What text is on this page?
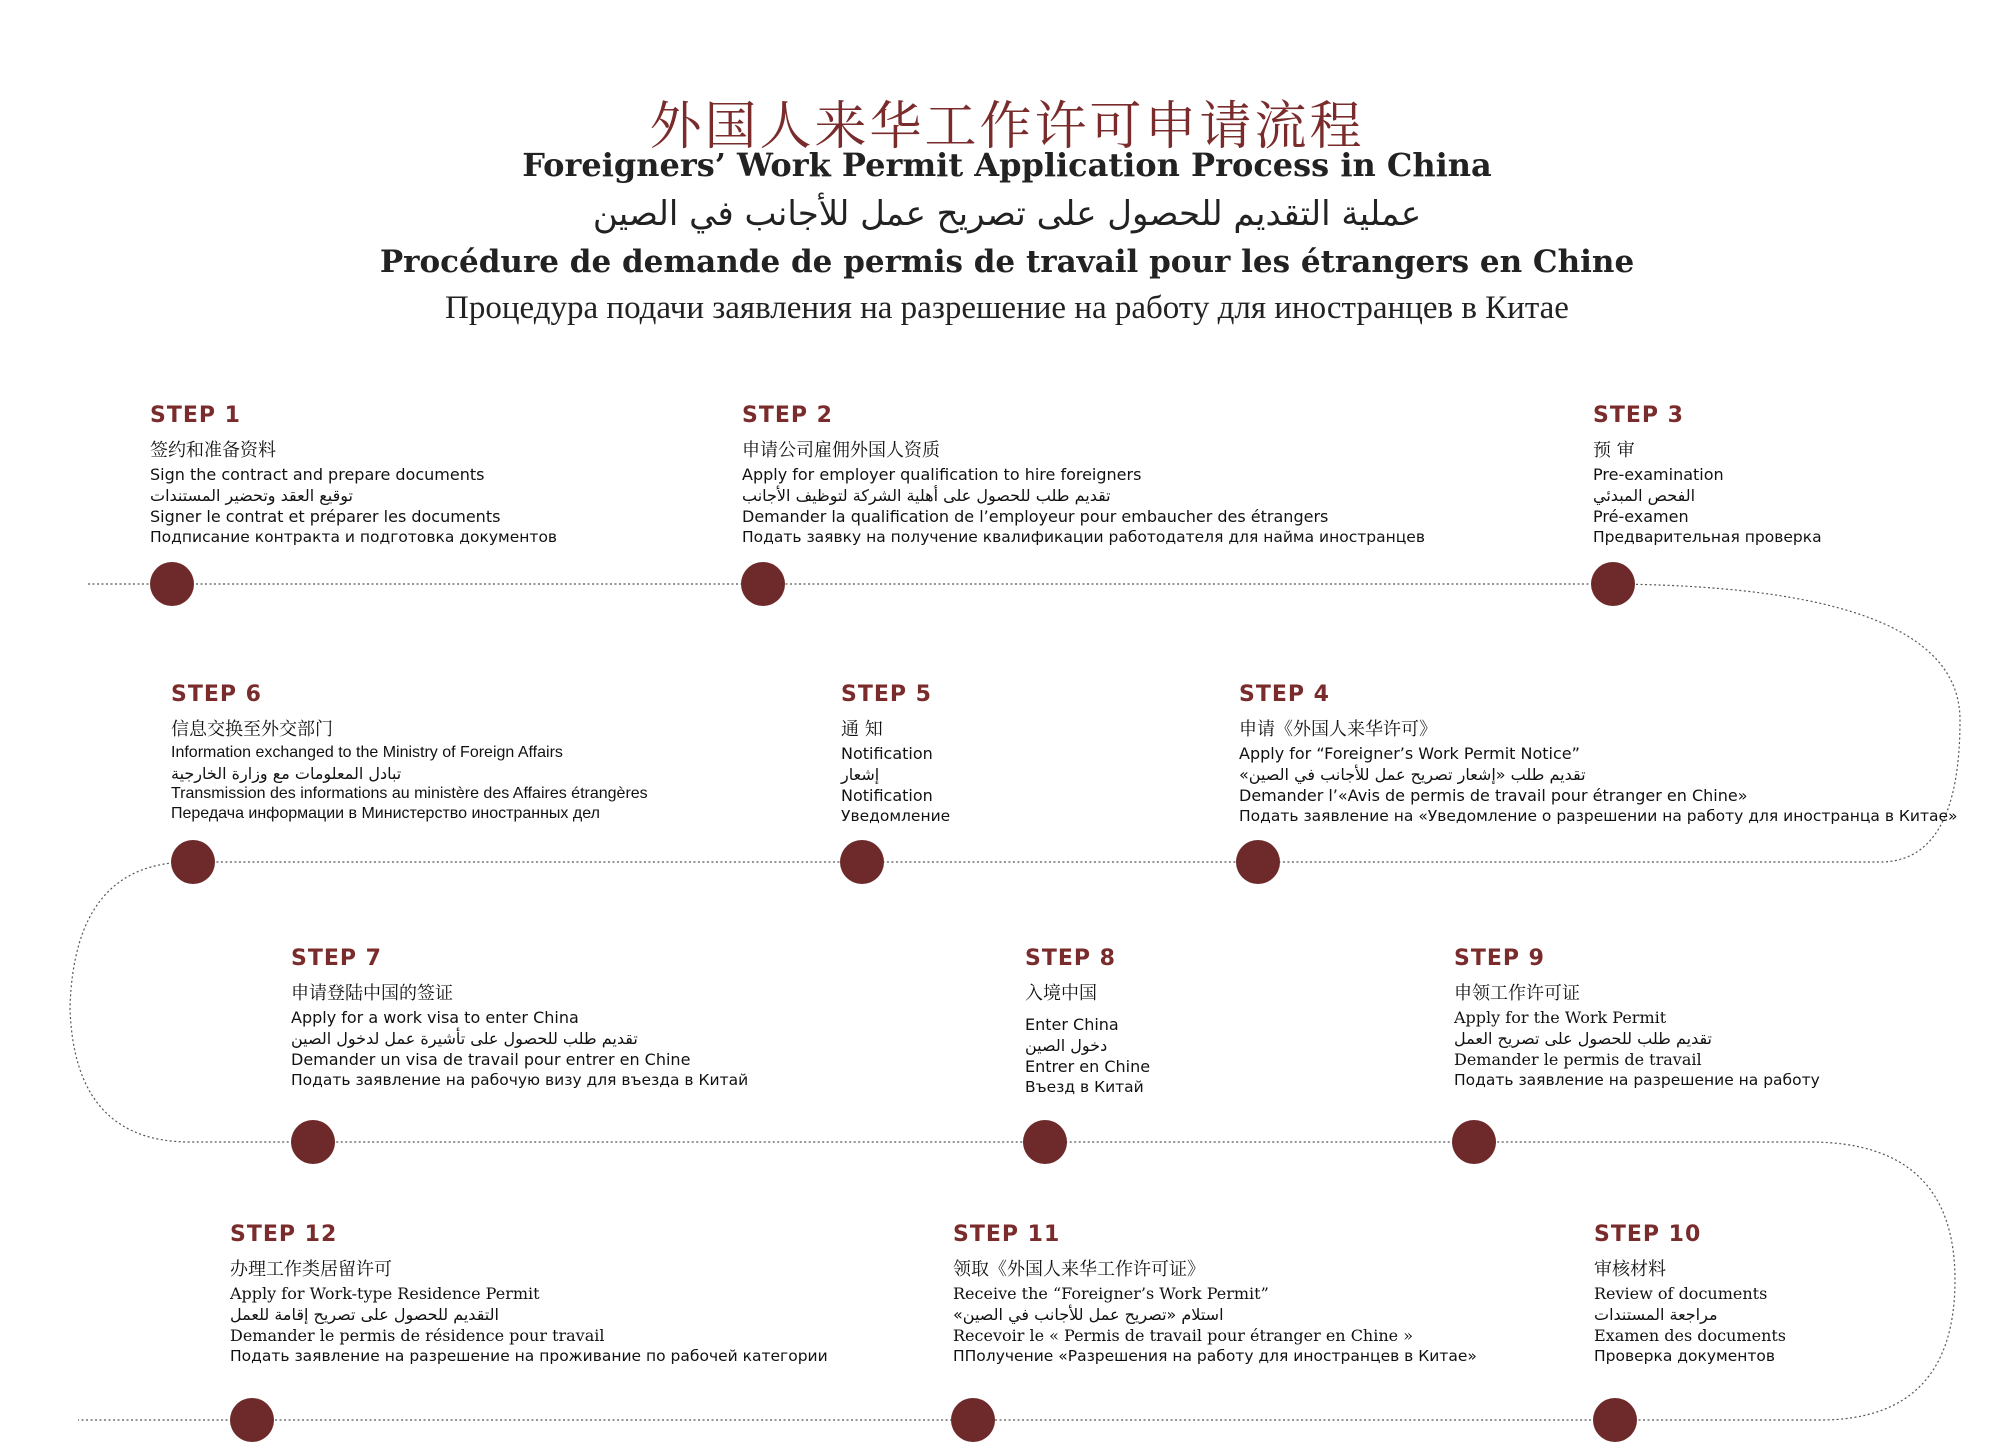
外国人来华工作许可申请流程
Foreigners’ Work Permit Application Process in China
عملية التقديم للحصول على تصريح عمل للأجانب في الصين
Procédure de demande de permis de travail pour les étrangers en Chine
Процедура подачи заявления на разрешение на работу для иностранцев в Китае
STEP 1
签约和准备资料
Sign the contract and prepare documents
توقيع العقد وتحضير المستندات
Signer le contrat et préparer les documents
Подписание контракта и подготовка документов
STEP 2
申请公司雇佣外国人资质
Apply for employer qualification to hire foreigners
تقديم طلب للحصول على أهلية الشركة لتوظيف الأجانب
Demander la qualification de l’employeur pour embaucher des étrangers
Подать заявку на получение квалификации работодателя для найма иностранцев
STEP 3
预 审
Pre-examination
الفحص المبدئي
Pré-examen
Предварительная проверка
STEP 6
信息交换至外交部门
Information exchanged to the Ministry of Foreign Affairs
تبادل المعلومات مع وزارة الخارجية
Transmission des informations au ministère des Affaires étrangères
Передача информации в Министерство иностранных дел
STEP 5
通 知
Notification
إشعار
Notification
Уведомление
STEP 4
申请《外国人来华许可》
Apply for “Foreigner’s Work Permit Notice”
تقديم طلب «إشعار تصريح عمل للأجانب في الصين»
Demander l’«Avis de permis de travail pour étranger en Chine»
Подать заявление на «Уведомление о разрешении на работу для иностранца в Китае»
STEP 7
申请登陆中国的签证
Apply for a work visa to enter China
تقديم طلب للحصول على تأشيرة عمل لدخول الصين
Demander un visa de travail pour entrer en Chine
Подать заявление на рабочую визу для въезда в Китай
STEP 8
入境中国
Enter China
دخول الصين
Entrer en Chine
Въезд в Китай
STEP 9
申领工作许可证
Apply for the Work Permit
تقديم طلب للحصول على تصريح العمل
Demander le permis de travail
Подать заявление на разрешение на работу
STEP 12
办理工作类居留许可
Apply for Work-type Residence Permit
التقديم للحصول على تصريح إقامة للعمل
Demander le permis de résidence pour travail
Подать заявление на разрешение на проживание по рабочей категории
STEP 11
领取《外国人来华工作许可证》
Receive the “Foreigner’s Work Permit”
استلام «تصريح عمل للأجانب في الصين»
Recevoir le « Permis de travail pour étranger en Chine »
ППолучение «Разрешения на работу для иностранцев в Китае»
STEP 10
审核材料
Review of documents
مراجعة المستندات
Examen des documents
Проверка документов
